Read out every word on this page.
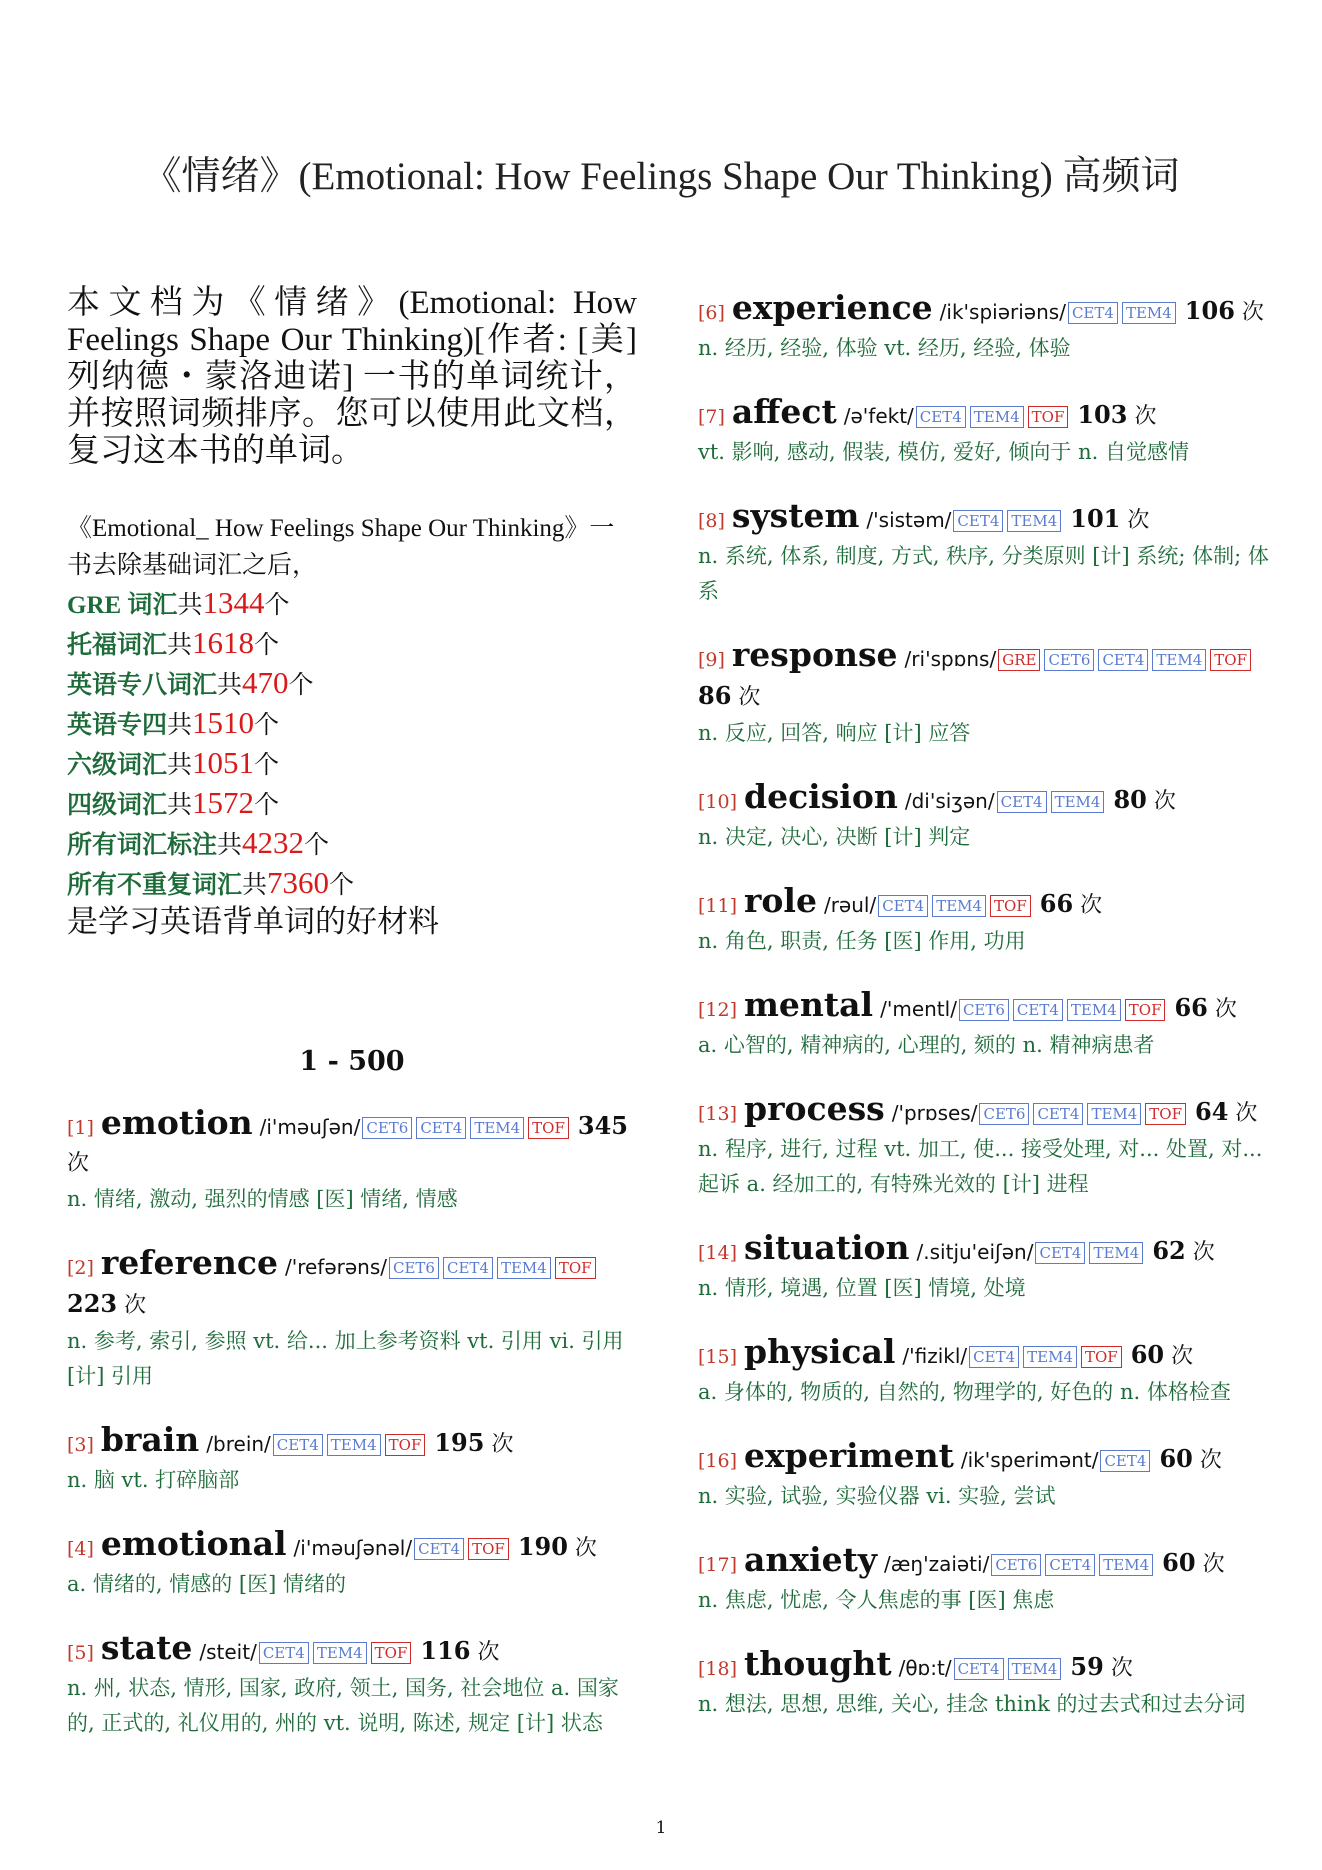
《情绪》(Emotional: How Feelings Shape Our Thinking) 高频词
本文档为《情绪》(Emotional: How Feelings Shape Our Thinking)[作者: [美] 列纳德・蒙洛迪诺] 一书的单词统计，并按照词频排序。您可以使用此文档，复习这本书的单词。
《Emotional_ How Feelings Shape Our Thinking》一书去除基础词汇之后，
GRE 词汇共1344个
托福词汇共1618个
英语专八词汇共470个
英语专四共1510个
六级词汇共1051个
四级词汇共1572个
所有词汇标注共4232个
所有不重复词汇共7360个
是学习英语背单词的好材料
1 - 500
[1] emotion /i'məuʃən/ CET6 CET4 TEM4 TOF 345 次
n. 情绪, 激动, 强烈的情感 [医] 情绪, 情感
[2] reference /'refərəns/ CET6 CET4 TEM4 TOF 223 次
n. 参考, 索引, 参照 vt. 给... 加上参考资料 vt. 引用 vi. 引用 [计] 引用
[3] brain /brein/ CET4 TEM4 TOF 195 次
n. 脑 vt. 打碎脑部
[4] emotional /i'məuʃənəl/ CET4 TOF 190 次
a. 情绪的, 情感的 [医] 情绪的
[5] state /steit/ CET4 TEM4 TOF 116 次
n. 州, 状态, 情形, 国家, 政府, 领土, 国务, 社会地位 a. 国家的, 正式的, 礼仪用的, 州的 vt. 说明, 陈述, 规定 [计] 状态
[6] experience /ik'spiəriəns/ CET4 TEM4 106 次
n. 经历, 经验, 体验 vt. 经历, 经验, 体验
[7] affect /ə'fekt/ CET4 TEM4 TOF 103 次
vt. 影响, 感动, 假装, 模仿, 爱好, 倾向于 n. 自觉感情
[8] system /'sistəm/ CET4 TEM4 101 次
n. 系统, 体系, 制度, 方式, 秩序, 分类原则 [计] 系统; 体制; 体系
[9] response /ri'spɒns/ GRE CET6 CET4 TEM4 TOF 86 次
n. 反应, 回答, 响应 [计] 应答
[10] decision /di'siʒən/ CET4 TEM4 80 次
n. 决定, 决心, 决断 [计] 判定
[11] role /rəul/ CET4 TEM4 TOF 66 次
n. 角色, 职责, 任务 [医] 作用, 功用
[12] mental /'mentl/ CET6 CET4 TEM4 TOF 66 次
a. 心智的, 精神病的, 心理的, 颏的 n. 精神病患者
[13] process /'prɒses/ CET6 CET4 TEM4 TOF 64 次
n. 程序, 进行, 过程 vt. 加工, 使... 接受处理, 对... 处置, 对... 起诉 a. 经加工的, 有特殊光效的 [计] 进程
[14] situation /.sitju'eiʃən/ CET4 TEM4 62 次
n. 情形, 境遇, 位置 [医] 情境, 处境
[15] physical /'fizikl/ CET4 TEM4 TOF 60 次
a. 身体的, 物质的, 自然的, 物理学的, 好色的 n. 体格检查
[16] experiment /ik'sperimənt/ CET4 60 次
n. 实验, 试验, 实验仪器 vi. 实验, 尝试
[17] anxiety /æŋ'zaiəti/ CET6 CET4 TEM4 60 次
n. 焦虑, 忧虑, 令人焦虑的事 [医] 焦虑
[18] thought /θɒ:t/ CET4 TEM4 59 次
n. 想法, 思想, 思维, 关心, 挂念 think 的过去式和过去分词
1
